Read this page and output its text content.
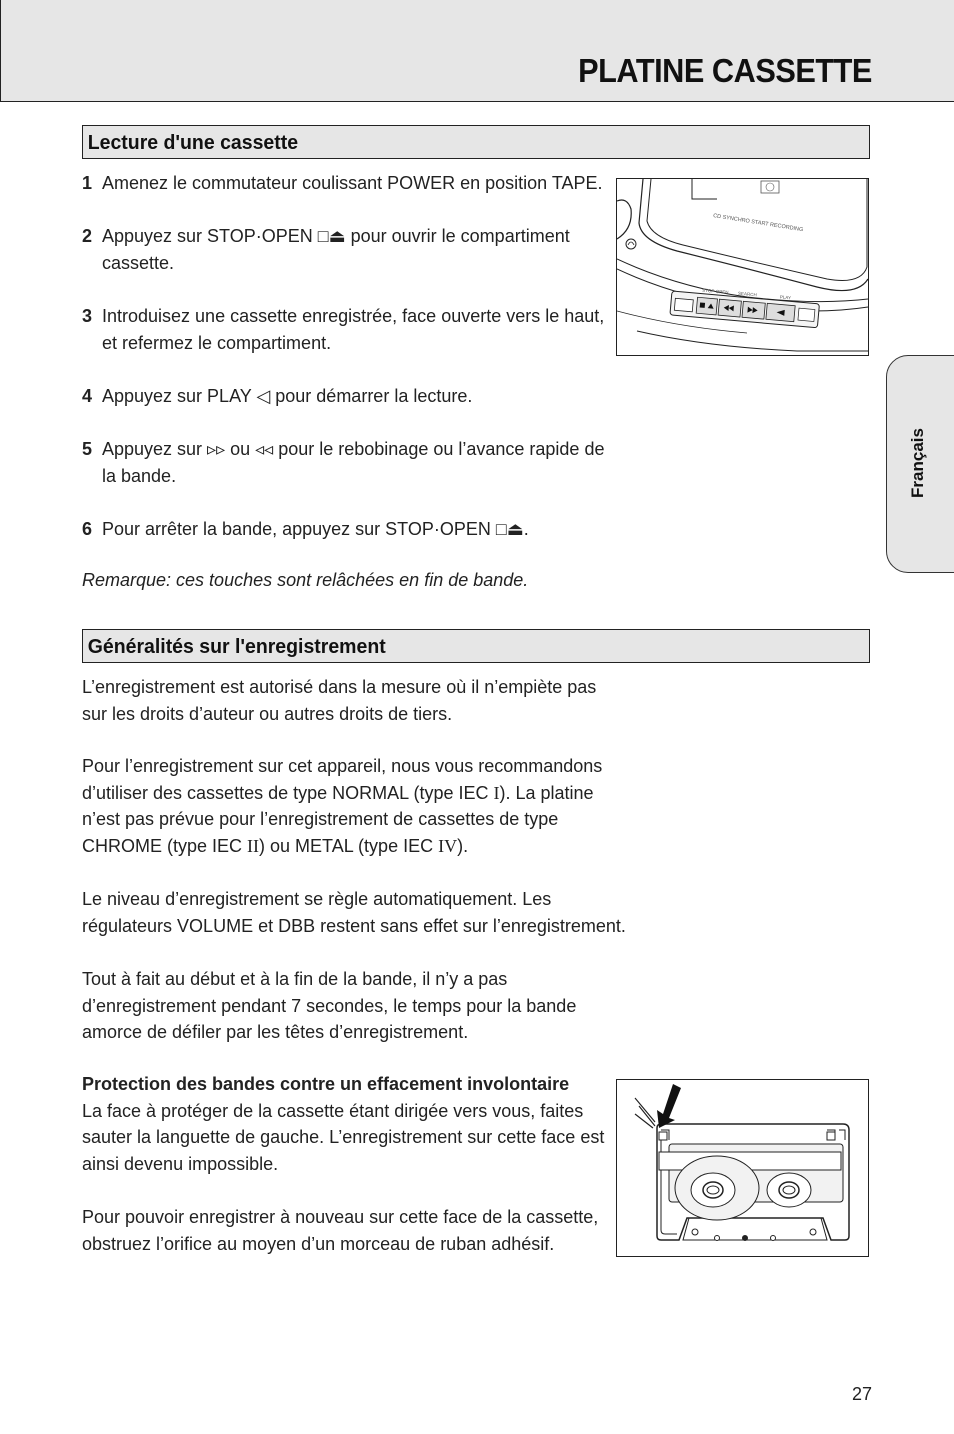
PLATINE CASSETTE
Lecture d'une cassette
1 Amenez le commutateur coulissant POWER en position TAPE.
2 Appuyez sur STOP·OPEN □⏏ pour ouvrir le compartiment cassette.
3 Introduisez une cassette enregistrée, face ouverte vers le haut, et refermez le compartiment.
4 Appuyez sur PLAY ◁ pour démarrer la lecture.
5 Appuyez sur ▹▹ ou ◃◃ pour le rebobinage ou l’avance rapide de la bande.
6 Pour arrêter la bande, appuyez sur STOP·OPEN □⏏.

Remarque: ces touches sont relâchées en fin de bande.

CD SYNCHRO START RECORDING
STOP·OPEN SEARCH
PLAY
Français
Généralités sur l'enregistrement

L’enregistrement est autorisé dans la mesure où il n’empiète pas sur les droits d’auteur ou autres droits de tiers.

Pour l’enregistrement sur cet appareil, nous vous recommandons d’utiliser des cassettes de type NORMAL (type IEC I). La platine n’est pas prévue pour l’enregistrement de cassettes de type CHROME (type IEC II) ou METAL (type IEC IV).

Le niveau d’enregistrement se règle automatiquement. Les régulateurs VOLUME et DBB restent sans effet sur l’enregistrement.

Tout à fait au début et à la fin de la bande, il n’y a pas d’enregistrement pendant 7 secondes, le temps pour la bande amorce de défiler par les têtes d’enregistrement.

Protection des bandes contre un effacement involontaire
La face à protéger de la cassette étant dirigée vers vous, faites sauter la languette de gauche. L’enregistrement sur cette face est ainsi devenu impossible.

Pour pouvoir enregistrer à nouveau sur cette face de la cassette, obstruez l’orifice au moyen d’un morceau de ruban adhésif.

27
